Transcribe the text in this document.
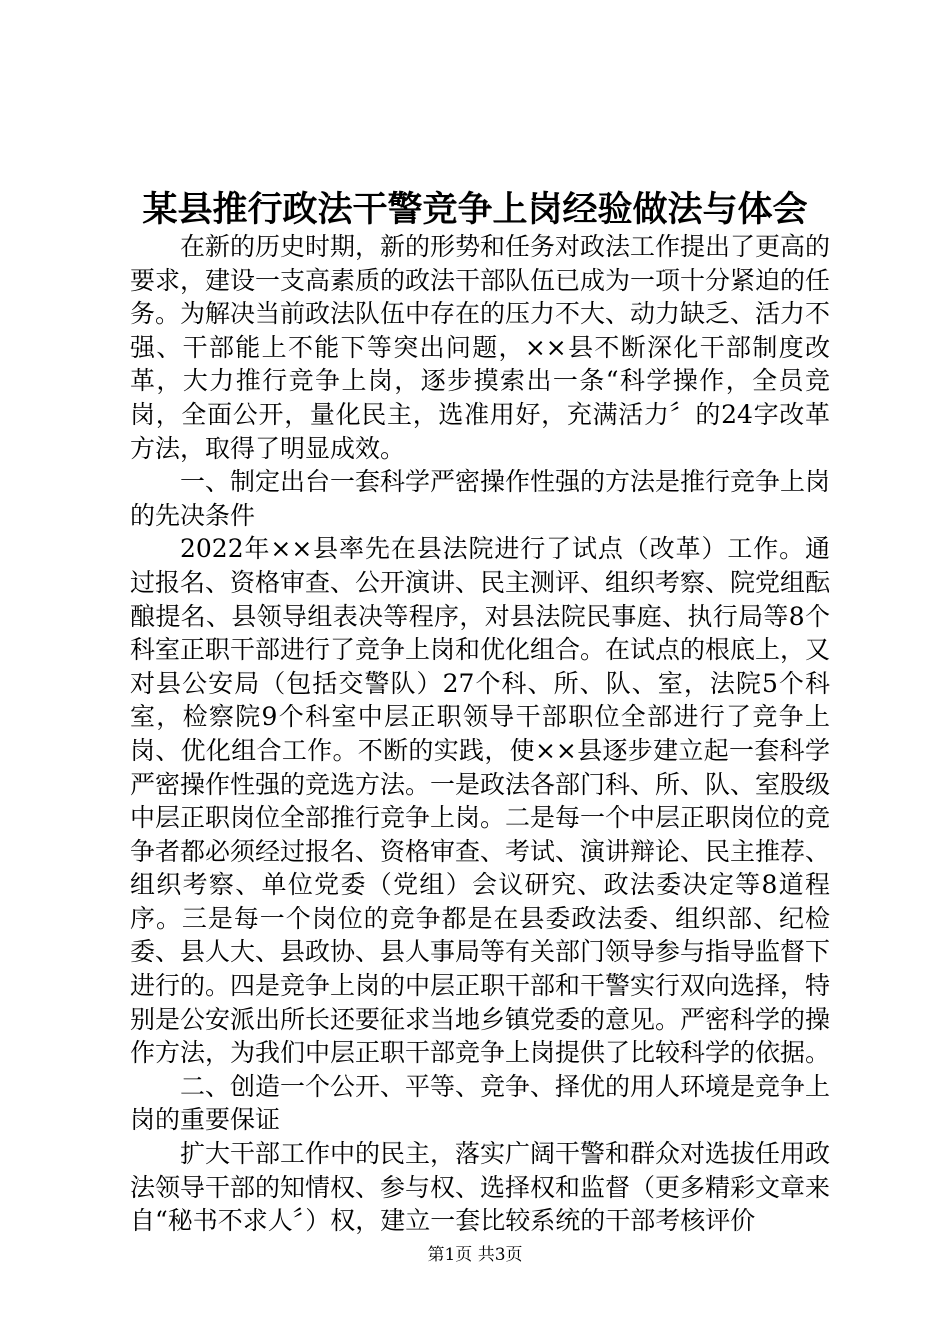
某县推行政法干警竞争上岗经验做法与体会

在新的历史时期，新的形势和任务对政法工作提出了更高的要求，建设一支高素质的政法干部队伍已成为一项十分紧迫的任务。为解决当前政法队伍中存在的压力不大、动力缺乏、活力不强、干部能上不能下等突出问题，××县不断深化干部制度改革，大力推行竞争上岗，逐步摸索出一条“科学操作，全员竞岗，全面公开，量化民主，选准用好，充满活力〞的24字改革方法，取得了明显成效。

一、制定出台一套科学严密操作性强的方法是推行竞争上岗的先决条件

2022年××县率先在县法院进行了试点（改革）工作。通过报名、资格审查、公开演讲、民主测评、组织考察、院党组酝酿提名、县领导组表决等程序，对县法院民事庭、执行局等8个科室正职干部进行了竞争上岗和优化组合。在试点的根底上，又对县公安局（包括交警队）27个科、所、队、室，法院5个科室，检察院9个科室中层正职领导干部职位全部进行了竞争上岗、优化组合工作。不断的实践，使××县逐步建立起一套科学严密操作性强的竞选方法。一是政法各部门科、所、队、室股级中层正职岗位全部推行竞争上岗。二是每一个中层正职岗位的竞争者都必须经过报名、资格审查、考试、演讲辩论、民主推荐、组织考察、单位党委（党组）会议研究、政法委决定等8道程序。三是每一个岗位的竞争都是在县委政法委、组织部、纪检委、县人大、县政协、县人事局等有关部门领导参与指导监督下进行的。四是竞争上岗的中层正职干部和干警实行双向选择，特别是公安派出所长还要征求当地乡镇党委的意见。严密科学的操作方法，为我们中层正职干部竞争上岗提供了比较科学的依据。

二、创造一个公开、平等、竞争、择优的用人环境是竞争上岗的重要保证

扩大干部工作中的民主，落实广阔干警和群众对选拔任用政法领导干部的知情权、参与权、选择权和监督（更多精彩文章来自“秘书不求人〞）权，建立一套比较系统的干部考核评价

第1页 共3页
